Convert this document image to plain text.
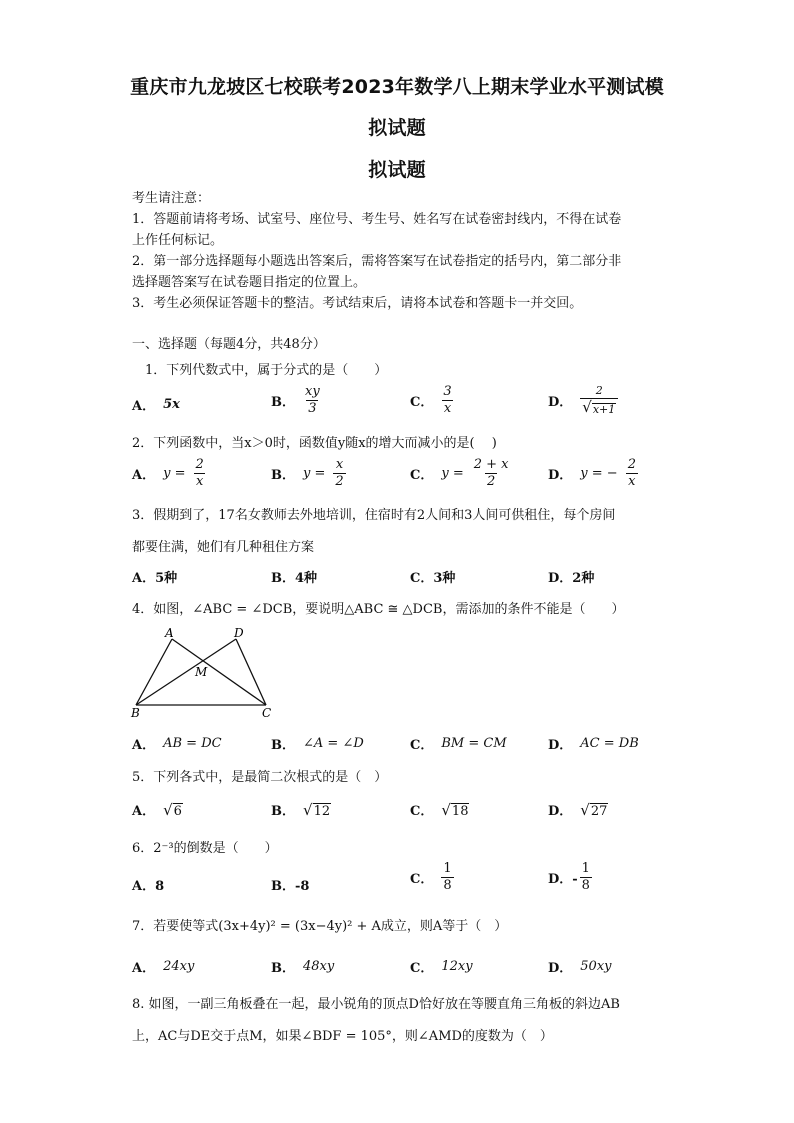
重庆市九龙坡区七校联考2023年数学八上期末学业水平测试模
拟试题
拟试题
考生请注意：
1．答题前请将考场、试室号、座位号、考生号、姓名写在试卷密封线内，不得在试卷
上作任何标记。
2．第一部分选择题每小题选出答案后，需将答案写在试卷指定的括号内，第二部分非
选择题答案写在试卷题目指定的位置上。
3．考生必须保证答题卡的整洁。考试结束后，请将本试卷和答题卡一并交回。
一、选择题（每题4分，共48分）
1．下列代数式中，属于分式的是（　　）
A． 5x	B． $\frac{xy}{3}$	C． $\frac{3}{x}$	D． $\frac{2}{√ x+1}$
2．下列函数中，当x＞0时，函数值y随x的增大而减小的是(　 )
A． $y = \frac{2}{x}$	B． $y = \frac{x}{2}$	C． $y = \frac{2 + x}{2}$	D． y = − $\frac{2}{x}$
3．假期到了，17名女教师去外地培训，住宿时有2人间和3人间可供租住，每个房间
都要住满，她们有几种租住方案
A．5种	B．4种	C．3种	D．2种
4．如图，∠ABC = ∠DCB，要说明△ABC ≅ △DCB，需添加的条件不能是（　　）
A	D
M
B	C
A． AB = DC	B． ∠A = ∠D	C． BM = CM	D． AC = DB
5．下列各式中，是最简二次根式的是（　）
A． √ 6	B． √ 12	C． √ 18	D． √ 27
6．2⁻³的倒数是（　　）
A．8	B．-8	C． $\frac{1}{8}$	D．- $\frac{1}{8}$
7．若要使等式(3x+4y)² = (3x−4y)² + A成立，则A等于（　）
A． 24xy	B． 48xy	C． 12xy	D． 50xy
8. 如图，一副三角板叠在一起，最小锐角的顶点D恰好放在等腰直角三角板的斜边AB
上，AC与DE交于点M，如果∠BDF = 105°，则∠AMD的度数为（　）
